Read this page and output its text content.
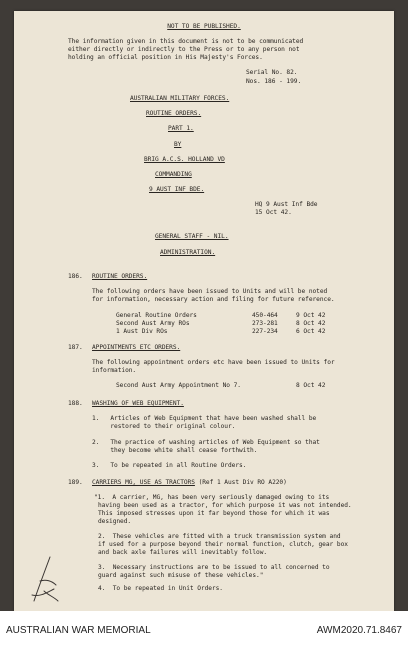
NOT TO BE PUBLISHED.
The information given in this document is not to be communicated
either directly or indirectly to the Press or to any person not
holding an official position in His Majesty's Forces.
Serial No. 82.
Nos. 186 - 199.
AUSTRALIAN MILITARY FORCES.
ROUTINE ORDERS.
PART 1.
BY
BRIG A.C.S. HOLLAND VD
COMMANDING
9 AUST INF BDE.
HQ 9 Aust Inf Bde
15 Oct 42.
GENERAL STAFF - NIL.
ADMINISTRATION.
186. ROUTINE ORDERS.
The following orders have been issued to Units and will be noted
for information, necessary action and filing for future reference.
General Routine Orders	450-464	9 Oct 42
Second Aust Army ROs	273-281	8 Oct 42
1 Aust Div ROs	227-234	6 Oct 42
187. APPOINTMENTS ETC ORDERS.
The following appointment orders etc have been issued to Units for
information.
Second Aust Army Appointment No 7.	8 Oct 42
188. WASHING OF WEB EQUIPMENT.
1.   Articles of Web Equipment that have been washed shall be
restored to their original colour.
2.   The practice of washing articles of Web Equipment so that
they become white shall cease forthwith.
3.   To be repeated in all Routine Orders.
189. CARRIERS MG, USE AS TRACTORS (Ref 1 Aust Div RO A220)
"1.  A carrier, MG, has been very seriously damaged owing to its
having been used as a tractor, for which purpose it was not intended.
This imposed stresses upon it far beyond those for which it was
designed.
2.  These vehicles are fitted with a truck transmission system and
if used for a purpose beyond their normal function, clutch, gear box
and back axle failures will inevitably follow.
3.  Necessary instructions are to be issued to all concerned to
guard against such misuse of these vehicles."
4.  To be repeated in Unit Orders.
AUSTRALIAN WAR MEMORIAL	AWM2020.71.8467
